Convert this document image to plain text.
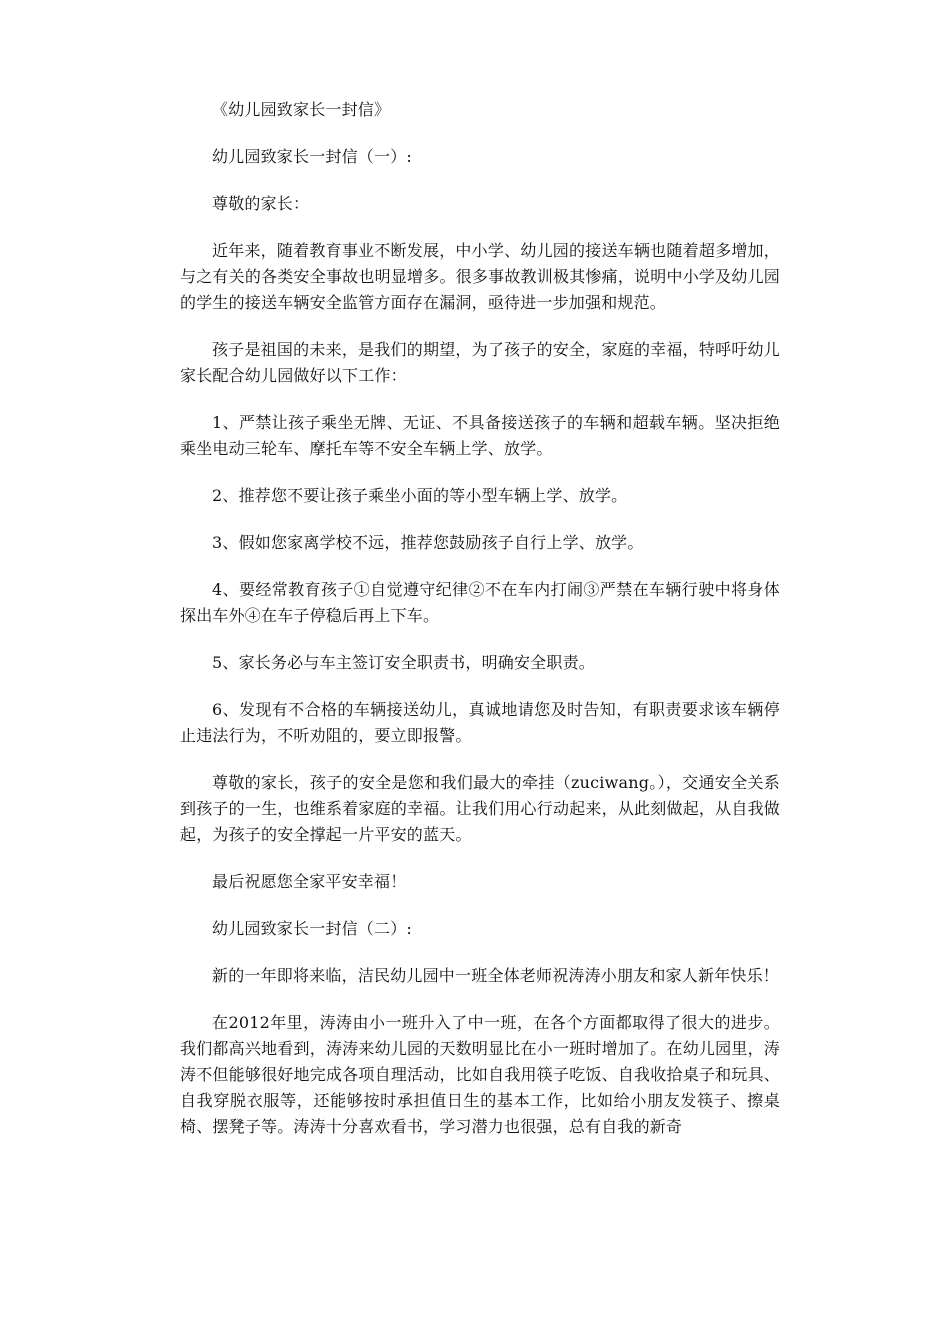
《幼儿园致家长一封信》

幼儿园致家长一封信（一）:

尊敬的家长：

近年来，随着教育事业不断发展，中小学、幼儿园的接送车辆也随着超多增加，与之有关的各类安全事故也明显增多。很多事故教训极其惨痛，说明中小学及幼儿园的学生的接送车辆安全监管方面存在漏洞，亟待进一步加强和规范。

孩子是祖国的未来，是我们的期望，为了孩子的安全，家庭的幸福，特呼吁幼儿家长配合幼儿园做好以下工作：

1、严禁让孩子乘坐无牌、无证、不具备接送孩子的车辆和超载车辆。坚决拒绝乘坐电动三轮车、摩托车等不安全车辆上学、放学。

2、推荐您不要让孩子乘坐小面的等小型车辆上学、放学。

3、假如您家离学校不远，推荐您鼓励孩子自行上学、放学。

4、要经常教育孩子①自觉遵守纪律②不在车内打闹③严禁在车辆行驶中将身体探出车外④在车子停稳后再上下车。

5、家长务必与车主签订安全职责书，明确安全职责。

6、发现有不合格的车辆接送幼儿，真诚地请您及时告知，有职责要求该车辆停止违法行为，不听劝阻的，要立即报警。

尊敬的家长，孩子的安全是您和我们最大的牵挂（zuciwang。），交通安全关系到孩子的一生，也维系着家庭的幸福。让我们用心行动起来，从此刻做起，从自我做起，为孩子的安全撑起一片平安的蓝天。

最后祝愿您全家平安幸福！

幼儿园致家长一封信（二）:

新的一年即将来临，洁民幼儿园中一班全体老师祝涛涛小朋友和家人新年快乐！

在2012年里，涛涛由小一班升入了中一班，在各个方面都取得了很大的进步。我们都高兴地看到，涛涛来幼儿园的天数明显比在小一班时增加了。在幼儿园里，涛涛不但能够很好地完成各项自理活动，比如自我用筷子吃饭、自我收拾桌子和玩具、自我穿脱衣服等，还能够按时承担值日生的基本工作，比如给小朋友发筷子、擦桌椅、摆凳子等。涛涛十分喜欢看书，学习潜力也很强，总有自我的新奇
